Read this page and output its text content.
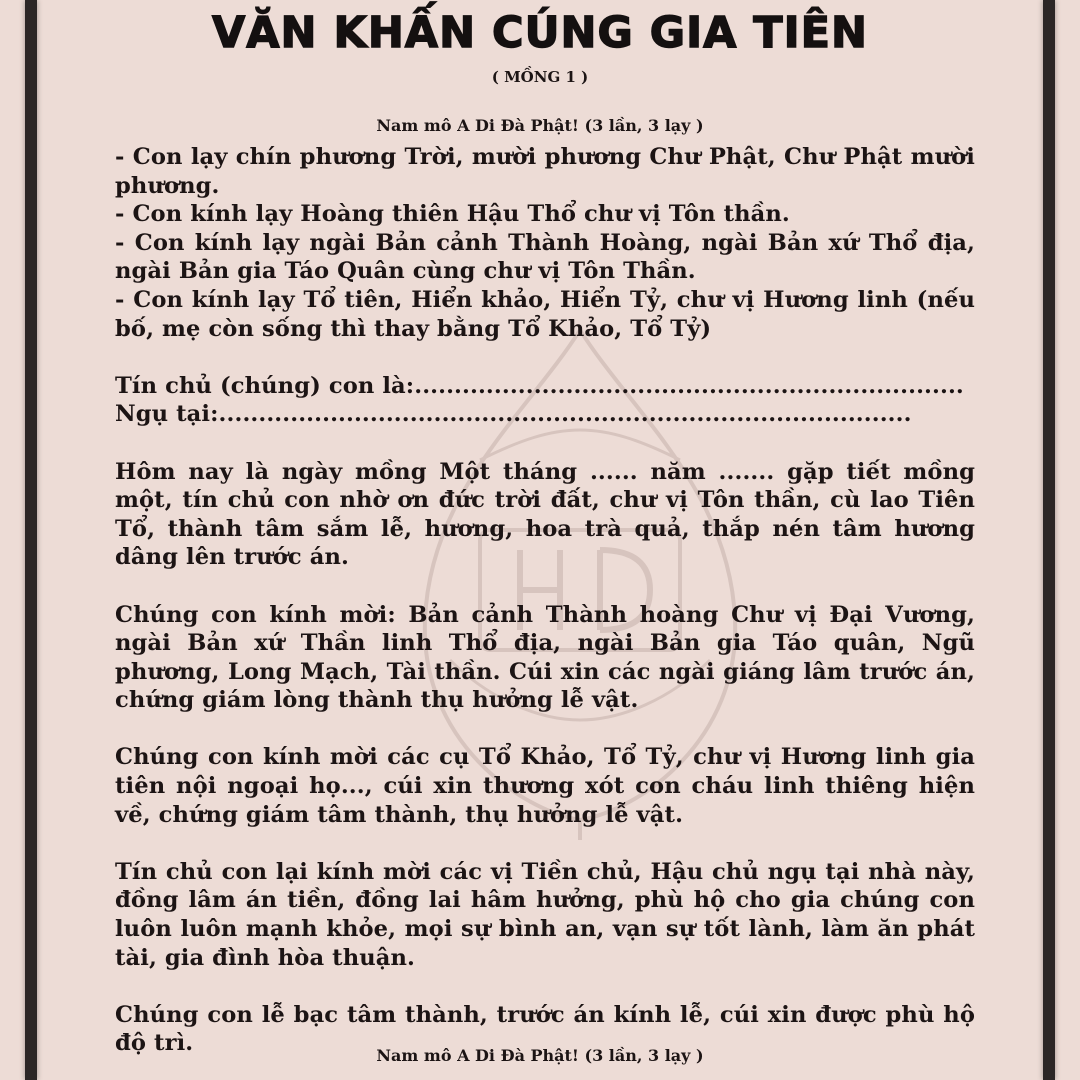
VĂN KHẤN CÚNG GIA TIÊN
( MỒNG 1 )
Nam mô A Di Đà Phật! (3 lần, 3 lạy )

- Con lạy chín phương Trời, mười phương Chư Phật, Chư Phật mười phương.

- Con kính lạy Hoàng thiên Hậu Thổ chư vị Tôn thần.

- Con kính lạy ngài Bản cảnh Thành Hoàng, ngài Bản xứ Thổ địa, ngài Bản gia Táo Quân cùng chư vị Tôn Thần.

- Con kính lạy Tổ tiên, Hiển khảo, Hiển Tỷ, chư vị Hương linh (nếu bố, mẹ còn sống thì thay bằng Tổ Khảo, Tổ Tỷ)

Tín chủ (chúng) con là:.....................................................................

Ngụ tại:.......................................................................................

Hôm nay là ngày mồng Một tháng ...... năm ....... gặp tiết mồng một, tín chủ con nhờ ơn đức trời đất, chư vị Tôn thần, cù lao Tiên Tổ, thành tâm sắm lễ, hương, hoa trà quả, thắp nén tâm hương dâng lên trước án.

Chúng con kính mời: Bản cảnh Thành hoàng Chư vị Đại Vương, ngài Bản xứ Thần linh Thổ địa, ngài Bản gia Táo quân, Ngũ phương, Long Mạch, Tài thần. Cúi xin các ngài giáng lâm trước án, chứng giám lòng thành thụ hưởng lễ vật.

Chúng con kính mời các cụ Tổ Khảo, Tổ Tỷ, chư vị Hương linh gia tiên nội ngoại họ..., cúi xin thương xót con cháu linh thiêng hiện về, chứng giám tâm thành, thụ hưởng lễ vật.

Tín chủ con lại kính mời các vị Tiền chủ, Hậu chủ ngụ tại nhà này, đồng lâm án tiền, đồng lai hâm hưởng, phù hộ cho gia chúng con luôn luôn mạnh khỏe, mọi sự bình an, vạn sự tốt lành, làm ăn phát tài, gia đình hòa thuận.

Chúng con lễ bạc tâm thành, trước án kính lễ, cúi xin được phù hộ độ trì.	Nam mô A Di Đà Phật! (3 lần, 3 lạy )
